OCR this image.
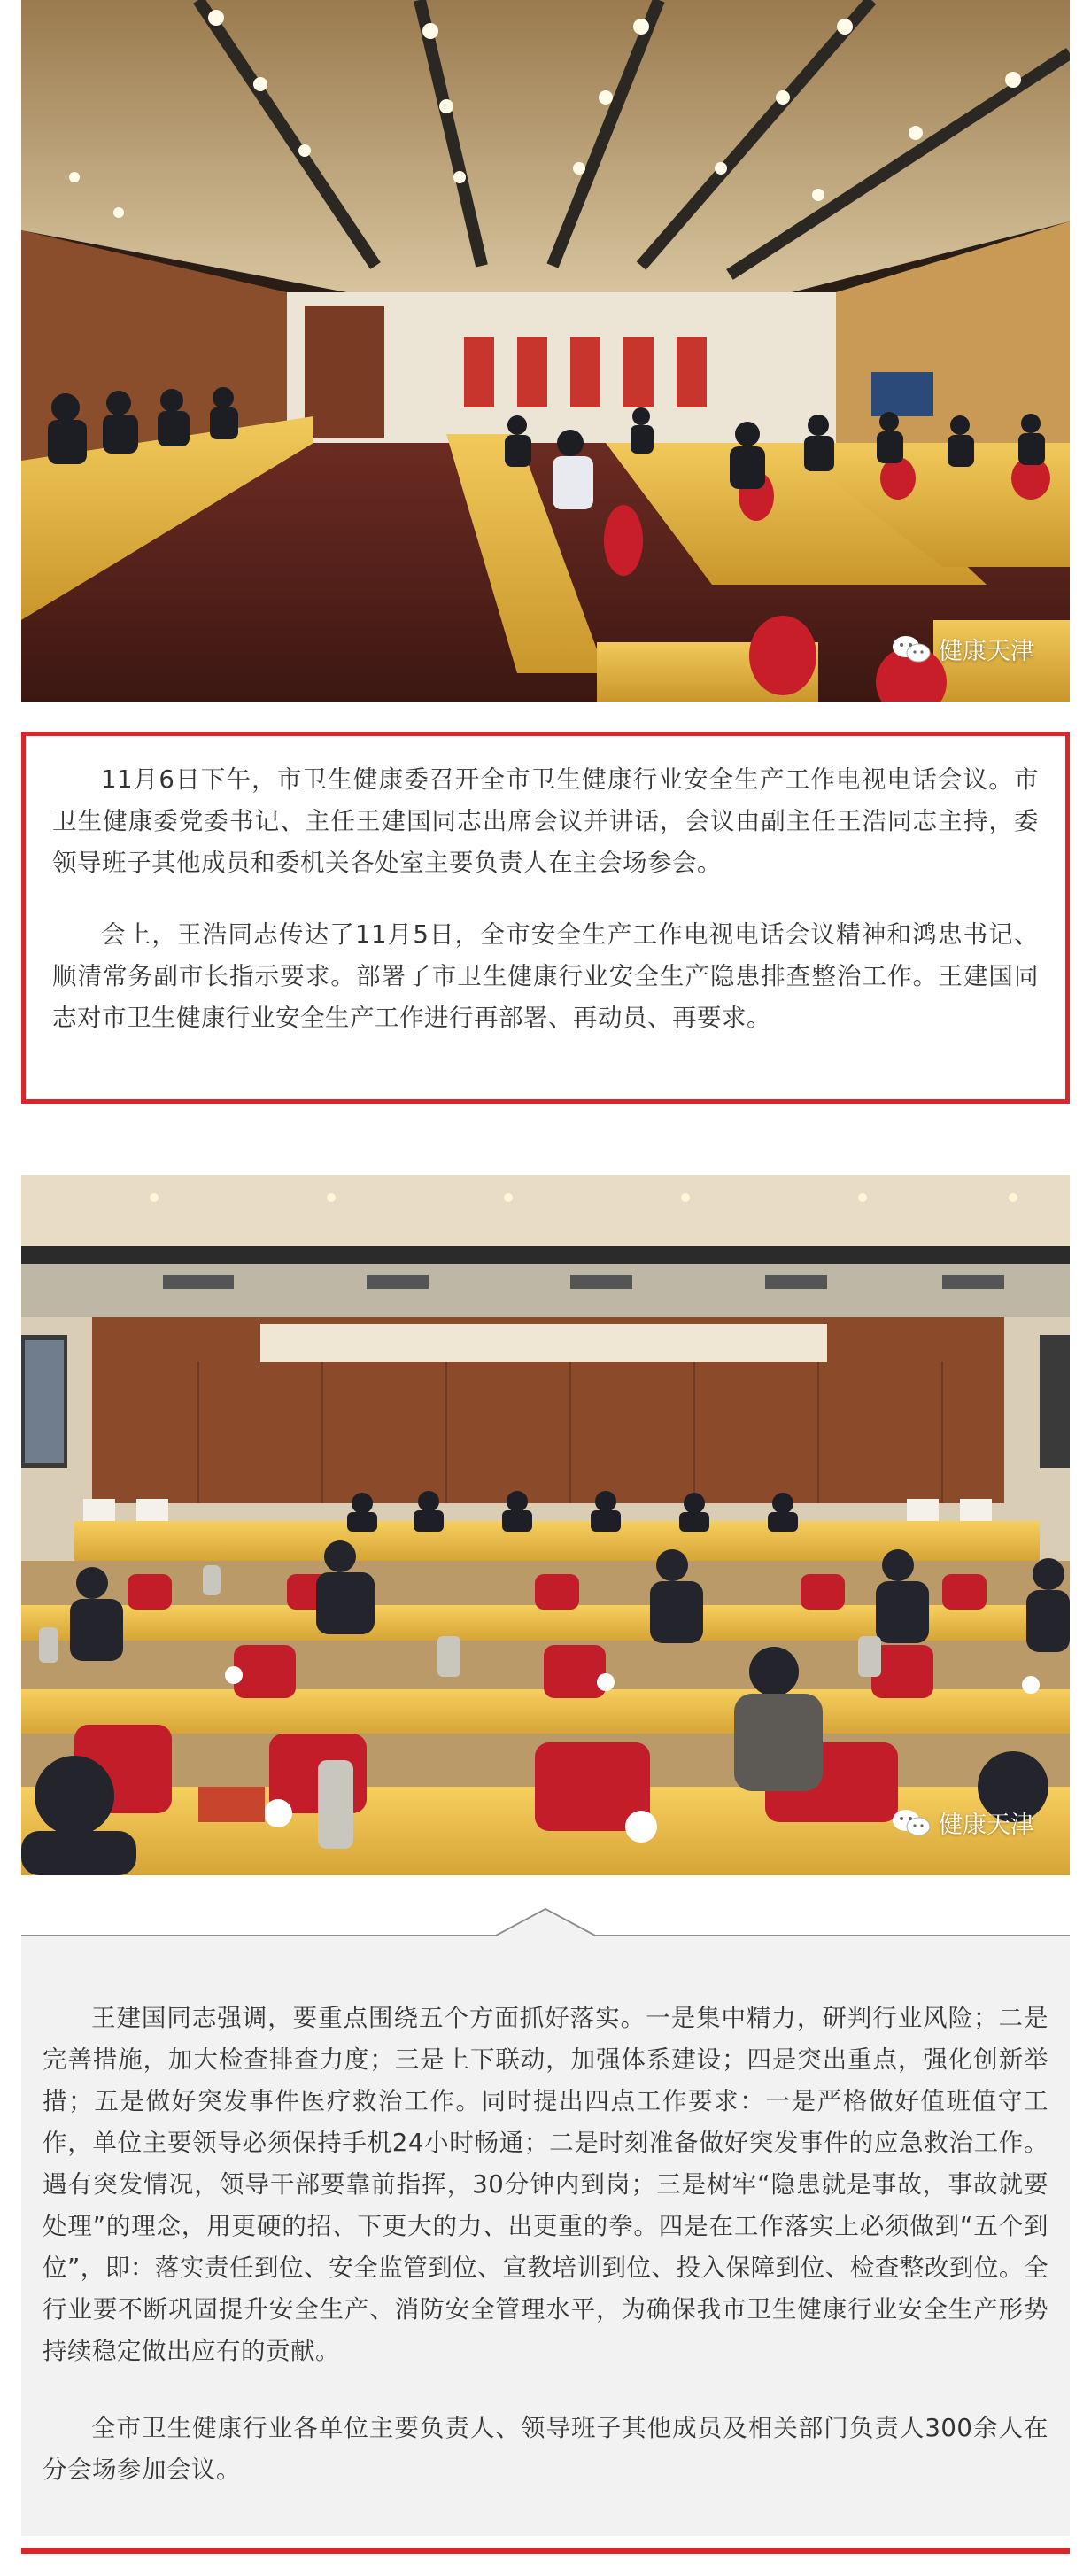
健康天津

11月6日下午，市卫生健康委召开全市卫生健康行业安全生产工作电视电话会议。市卫生健康委党委书记、主任王建国同志出席会议并讲话，会议由副主任王浩同志主持，委领导班子其他成员和委机关各处室主要负责人在主会场参会。

会上，王浩同志传达了11月5日，全市安全生产工作电视电话会议精神和鸿忠书记、顺清常务副市长指示要求。部署了市卫生健康行业安全生产隐患排查整治工作。王建国同志对市卫生健康行业安全生产工作进行再部署、再动员、再要求。

健康天津

王建国同志强调，要重点围绕五个方面抓好落实。一是集中精力，研判行业风险；二是完善措施，加大检查排查力度；三是上下联动，加强体系建设；四是突出重点，强化创新举措；五是做好突发事件医疗救治工作。同时提出四点工作要求：一是严格做好值班值守工作，单位主要领导必须保持手机24小时畅通；二是时刻准备做好突发事件的应急救治工作。遇有突发情况，领导干部要靠前指挥，30分钟内到岗；三是树牢“隐患就是事故，事故就要处理”的理念，用更硬的招、下更大的力、出更重的拳。四是在工作落实上必须做到“五个到位”，即：落实责任到位、安全监管到位、宣教培训到位、投入保障到位、检查整改到位。全行业要不断巩固提升安全生产、消防安全管理水平，为确保我市卫生健康行业安全生产形势持续稳定做出应有的贡献。

全市卫生健康行业各单位主要负责人、领导班子其他成员及相关部门负责人300余人在分会场参加会议。
